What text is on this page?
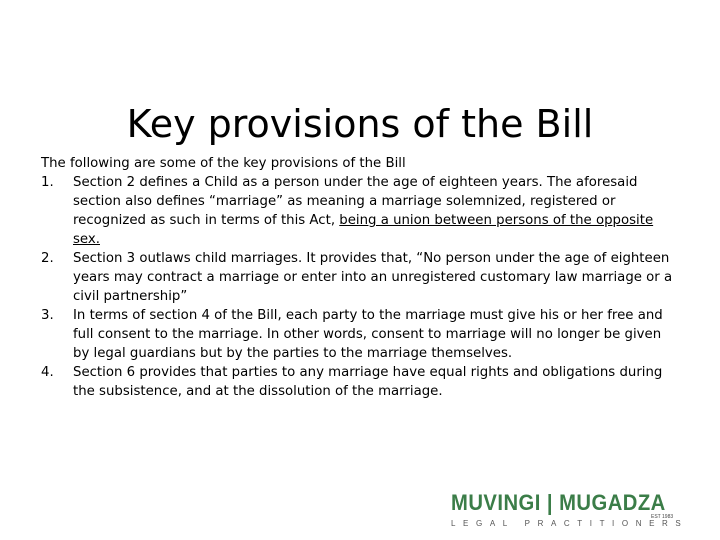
Key provisions of the Bill

The following are some of the key provisions of the Bill

1. Section 2 defines a Child as a person under the age of eighteen years. The aforesaid section also defines “marriage” as meaning a marriage solemnized, registered or recognized as such in terms of this Act, being a union between persons of the opposite sex.
2. Section 3 outlaws child marriages. It provides that, “No person under the age of eighteen years may contract a marriage or enter into an unregistered customary law marriage or a civil partnership”
3. In terms of section 4 of the Bill, each party to the marriage must give his or her free and full consent to the marriage. In other words, consent to marriage will no longer be given by legal guardians but by the parties to the marriage themselves.
4. Section 6 provides that parties to any marriage have equal rights and obligations during the subsistence, and at the dissolution of the marriage.
MUVINGI | MUGADZA
EST 1983
L E G A L
P R A C T I T I O N E R S
